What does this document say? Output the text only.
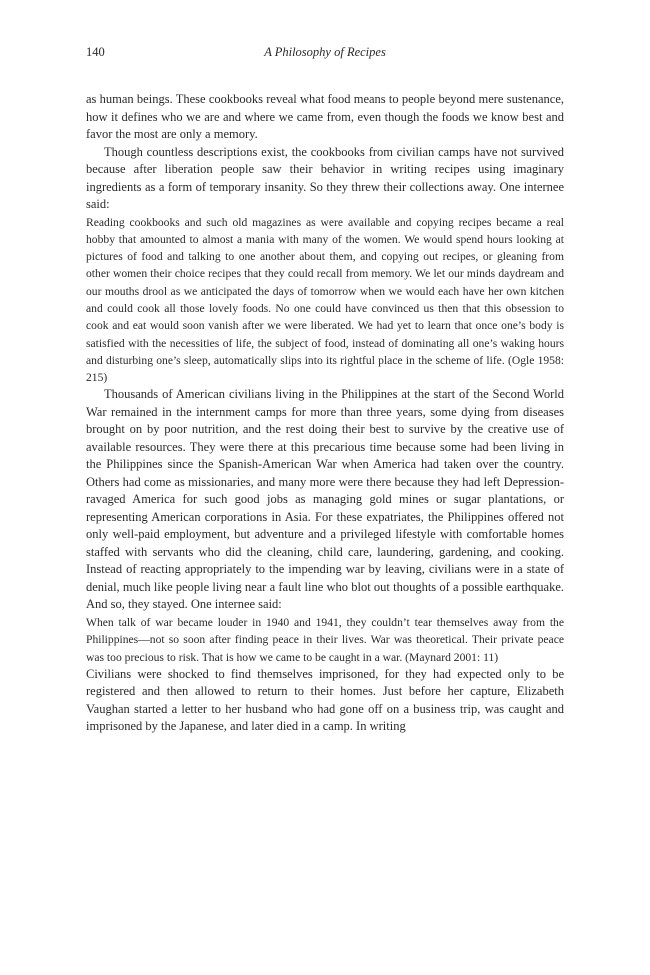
140	A Philosophy of Recipes

as human beings. These cookbooks reveal what food means to people beyond mere sustenance, how it defines who we are and where we came from, even though the foods we know best and favor the most are only a memory.

Though countless descriptions exist, the cookbooks from civilian camps have not survived because after liberation people saw their behavior in writing recipes using imaginary ingredients as a form of temporary insanity. So they threw their collections away. One internee said:

Reading cookbooks and such old magazines as were available and copying recipes became a real hobby that amounted to almost a mania with many of the women. We would spend hours looking at pictures of food and talking to one another about them, and copying out recipes, or gleaning from other women their choice recipes that they could recall from memory. We let our minds daydream and our mouths drool as we anticipated the days of tomorrow when we would each have her own kitchen and could cook all those lovely foods. No one could have convinced us then that this obsession to cook and eat would soon vanish after we were liberated. We had yet to learn that once one’s body is satisfied with the necessities of life, the subject of food, instead of dominating all one’s waking hours and disturbing one’s sleep, automatically slips into its rightful place in the scheme of life. (Ogle 1958: 215)

Thousands of American civilians living in the Philippines at the start of the Second World War remained in the internment camps for more than three years, some dying from diseases brought on by poor nutrition, and the rest doing their best to survive by the creative use of available resources. They were there at this precarious time because some had been living in the Philippines since the Spanish-American War when America had taken over the country. Others had come as missionaries, and many more were there because they had left Depression-ravaged America for such good jobs as managing gold mines or sugar plantations, or representing American corporations in Asia. For these expatriates, the Philippines offered not only well-paid employment, but adventure and a privileged lifestyle with comfortable homes staffed with servants who did the cleaning, child care, laundering, gardening, and cooking. Instead of reacting appropriately to the impending war by leaving, civilians were in a state of denial, much like people living near a fault line who blot out thoughts of a possible earthquake. And so, they stayed. One internee said:

When talk of war became louder in 1940 and 1941, they couldn’t tear themselves away from the Philippines—not so soon after finding peace in their lives. War was theoretical. Their private peace was too precious to risk. That is how we came to be caught in a war. (Maynard 2001: 11)

Civilians were shocked to find themselves imprisoned, for they had expected only to be registered and then allowed to return to their homes. Just before her capture, Elizabeth Vaughan started a letter to her husband who had gone off on a business trip, was caught and imprisoned by the Japanese, and later died in a camp. In writing
